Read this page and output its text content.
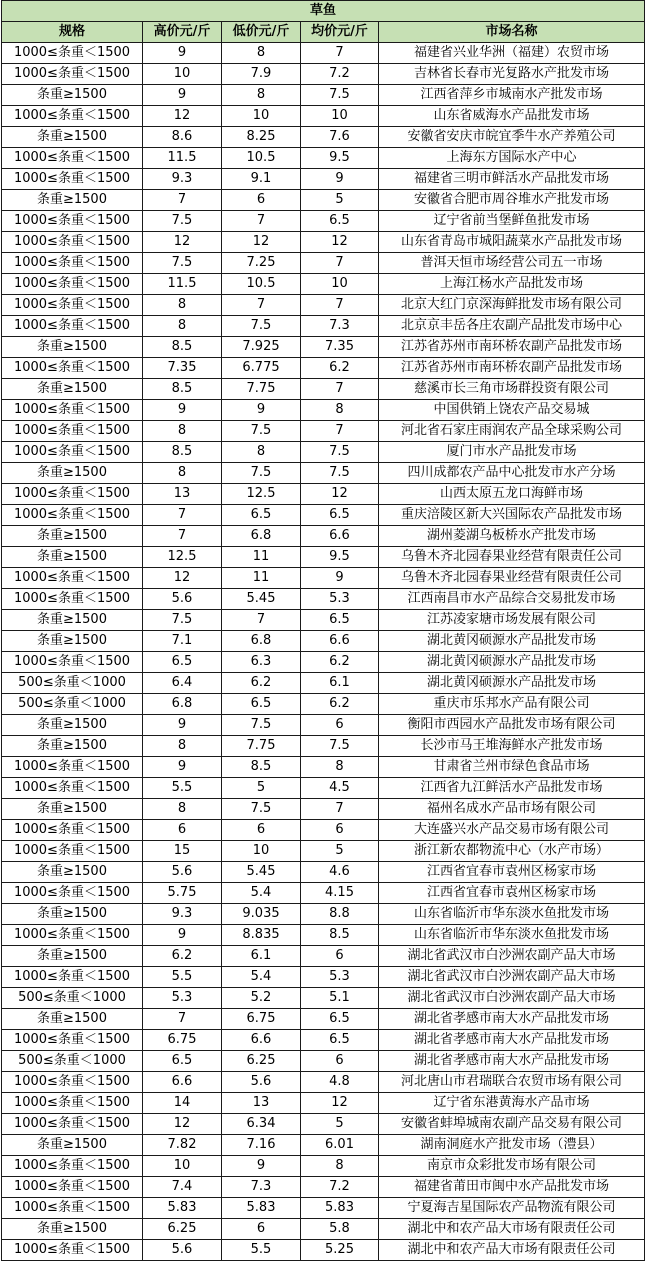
草鱼				
规格	高价元/斤	低价元/斤	均价元/斤	市场名称
1000≤条重＜1500	9	8	7	福建省兴业华洲（福建）农贸市场
1000≤条重＜1500	10	7.9	7.2	吉林省长春市光复路水产批发市场
条重≥1500	9	8	7.5	江西省萍乡市城南水产批发市场
1000≤条重＜1500	12	10	10	山东省威海水产品批发市场
条重≥1500	8.6	8.25	7.6	安徽省安庆市皖宜季牛水产养殖公司
1000≤条重＜1500	11.5	10.5	9.5	上海东方国际水产中心
1000≤条重＜1500	9.3	9.1	9	福建省三明市鲜活水产品批发市场
条重≥1500	7	6	5	安徽省合肥市周谷堆水产批发市场
1000≤条重＜1500	7.5	7	6.5	辽宁省前当堡鲜鱼批发市场
1000≤条重＜1500	12	12	12	山东省青岛市城阳蔬菜水产品批发市场
1000≤条重＜1500	7.5	7.25	7	普洱天恒市场经营公司五一市场
1000≤条重＜1500	11.5	10.5	10	上海江杨水产品批发市场
1000≤条重＜1500	8	7	7	北京大红门京深海鲜批发市场有限公司
1000≤条重＜1500	8	7.5	7.3	北京京丰岳各庄农副产品批发市场中心
条重≥1500	8.5	7.925	7.35	江苏省苏州市南环桥农副产品批发市场
1000≤条重＜1500	7.35	6.775	6.2	江苏省苏州市南环桥农副产品批发市场
条重≥1500	8.5	7.75	7	慈溪市长三角市场群投资有限公司
1000≤条重＜1500	9	9	8	中国供销上饶农产品交易城
1000≤条重＜1500	8	7.5	7	河北省石家庄雨润农产品全球采购公司
1000≤条重＜1500	8.5	8	7.5	厦门市水产品批发市场
条重≥1500	8	7.5	7.5	四川成都农产品中心批发市水产分场
1000≤条重＜1500	13	12.5	12	山西太原五龙口海鲜市场
1000≤条重＜1500	7	6.5	6.5	重庆涪陵区新大兴国际农产品批发市场
条重≥1500	7	6.8	6.6	湖州菱湖乌板桥水产批发市场
条重≥1500	12.5	11	9.5	乌鲁木齐北园春果业经营有限责任公司
1000≤条重＜1500	12	11	9	乌鲁木齐北园春果业经营有限责任公司
1000≤条重＜1500	5.6	5.45	5.3	江西南昌市水产品综合交易批发市场
条重≥1500	7.5	7	6.5	江苏凌家塘市场发展有限公司
条重≥1500	7.1	6.8	6.6	湖北黄冈硕源水产品批发市场
1000≤条重＜1500	6.5	6.3	6.2	湖北黄冈硕源水产品批发市场
500≤条重＜1000	6.4	6.2	6.1	湖北黄冈硕源水产品批发市场
500≤条重＜1000	6.8	6.5	6.2	重庆市乐邦水产品有限公司
条重≥1500	9	7.5	6	衡阳市西园水产品批发市场有限公司
条重≥1500	8	7.75	7.5	长沙市马王堆海鲜水产批发市场
1000≤条重＜1500	9	8.5	8	甘肃省兰州市绿色食品市场
1000≤条重＜1500	5.5	5	4.5	江西省九江鲜活水产品批发市场
条重≥1500	8	7.5	7	福州名成水产品市场有限公司
1000≤条重＜1500	6	6	6	大连盛兴水产品交易市场有限公司
1000≤条重＜1500	15	10	5	浙江新农都物流中心（水产市场）
条重≥1500	5.6	5.45	4.6	江西省宜春市袁州区杨家市场
1000≤条重＜1500	5.75	5.4	4.15	江西省宜春市袁州区杨家市场
条重≥1500	9.3	9.035	8.8	山东省临沂市华东淡水鱼批发市场
1000≤条重＜1500	9	8.835	8.5	山东省临沂市华东淡水鱼批发市场
条重≥1500	6.2	6.1	6	湖北省武汉市白沙洲农副产品大市场
1000≤条重＜1500	5.5	5.4	5.3	湖北省武汉市白沙洲农副产品大市场
500≤条重＜1000	5.3	5.2	5.1	湖北省武汉市白沙洲农副产品大市场
条重≥1500	7	6.75	6.5	湖北省孝感市南大水产品批发市场
1000≤条重＜1500	6.75	6.6	6.5	湖北省孝感市南大水产品批发市场
500≤条重＜1000	6.5	6.25	6	湖北省孝感市南大水产品批发市场
1000≤条重＜1500	6.6	5.6	4.8	河北唐山市君瑞联合农贸市场有限公司
1000≤条重＜1500	14	13	12	辽宁省东港黄海水产品市场
1000≤条重＜1500	12	6.34	5	安徽省蚌埠城南农副产品交易有限公司
条重≥1500	7.82	7.16	6.01	湖南洞庭水产批发市场（澧县）
1000≤条重＜1500	10	9	8	南京市众彩批发市场有限公司
1000≤条重＜1500	7.4	7.3	7.2	福建省莆田市闽中水产品批发市场
1000≤条重＜1500	5.83	5.83	5.83	宁夏海吉星国际农产品物流有限公司
条重≥1500	6.25	6	5.8	湖北中和农产品大市场有限责任公司
1000≤条重＜1500	5.6	5.5	5.25	湖北中和农产品大市场有限责任公司
